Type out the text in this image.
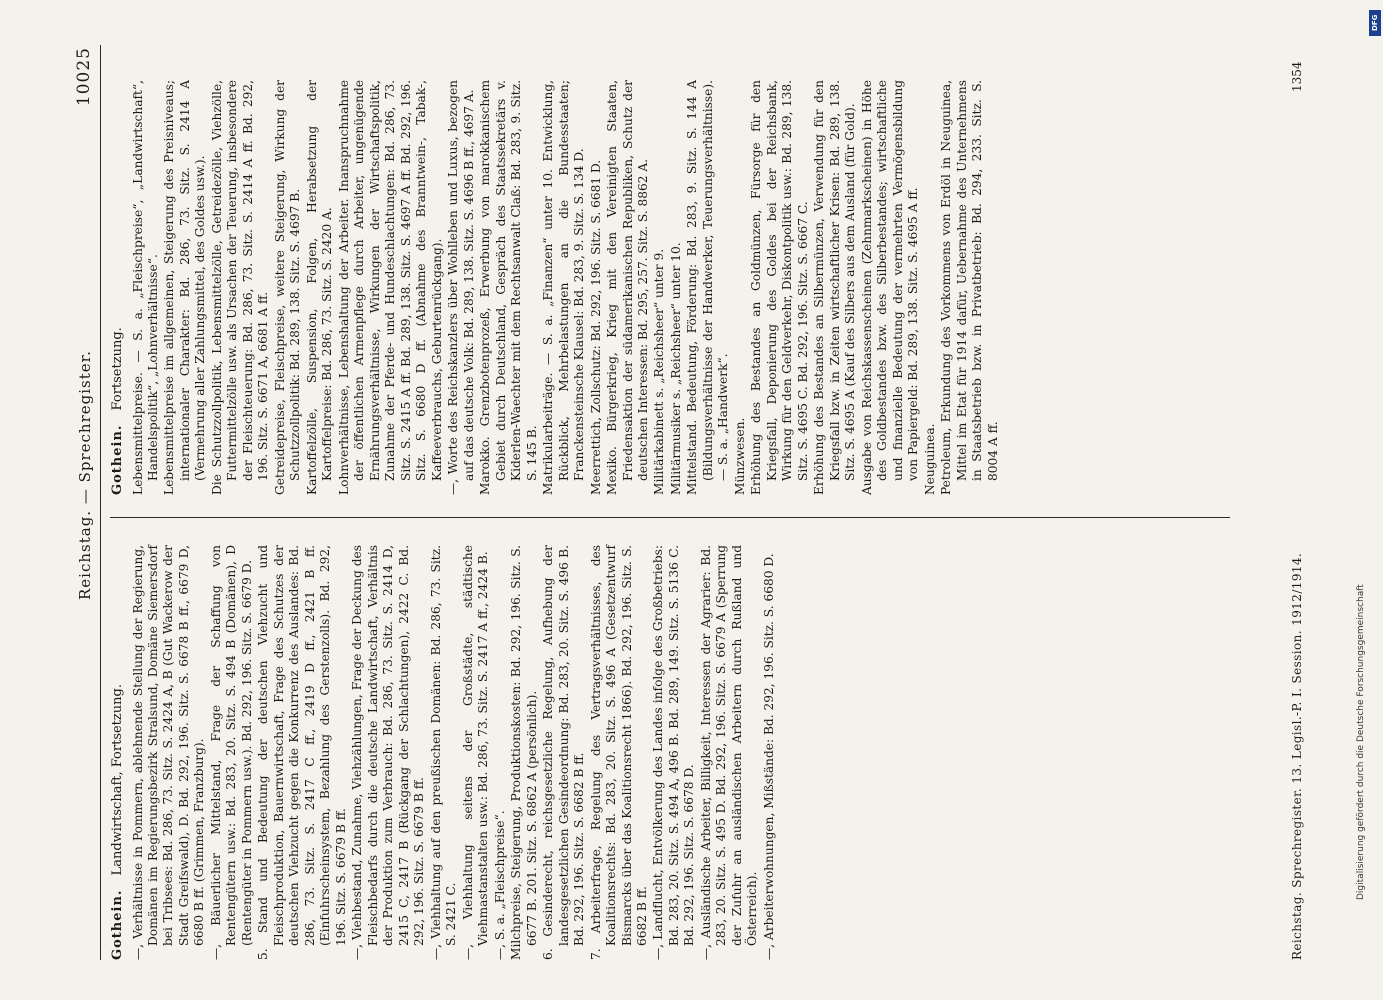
Reichstag. — Sprechregister.
10025
Gothein. Landwirtschaft, Fortsetzung. —, Verhältnisse in Pommern, ablehnende Stellung der Regierung, Domänen im Regierungsbezirk Stralsund, Domäne Siemersdorf bei Tribsees: Bd. 286, 73. Sitz. S. 2424 A, B (Gut Wackerow der Stadt Greifswald), D. Bd. 292, 196. Sitz. S. 6678 B ff., 6679 D, 6680 B ff. (Grimmen, Franzburg). —, Bäuerlicher Mittelstand, Frage der Schaffung von Rentengütern usw.: Bd. 283, 20. Sitz. S. 494 B (Domänen), D (Rentengüter in Pommern usw.). Bd. 292, 196. Sitz. S. 6679 D. 5. Stand und Bedeutung der deutschen Viehzucht und Fleischproduktion, Bauernwirtschaft, Frage des Schutzes der deutschen Viehzucht gegen die Konkurrenz des Auslandes: Bd. 286, 73. Sitz. S. 2417 C ff., 2419 D ff., 2421 B ff. (Einfuhrscheinsystem, Bezahlung des Gerstenzolls). Bd. 292, 196. Sitz. S. 6679 B ff. —, Viehbestand, Zunahme, Viehzählungen, Frage der Deckung des Fleischbedarfs durch die deutsche Landwirtschaft, Verhältnis der Produktion zum Verbrauch: Bd. 286, 73. Sitz. S. 2414 D, 2415 C, 2417 B (Rückgang der Schlachtungen), 2422 C. Bd. 292, 196. Sitz. S. 6679 B ff. —, Viehhaltung auf den preußischen Domänen: Bd. 286, 73. Sitz. S. 2421 C. —, Viehhaltung seitens der Großstädte, städtische Viehmastanstalten usw.: Bd. 286, 73. Sitz. S. 2417 A ff., 2424 B. —, S. a. „Fleischpreise“. Milchpreise, Steigerung, Produktionskosten: Bd. 292, 196. Sitz. S. 6677 B. 201. Sitz. S. 6862 A (persönlich). 6. Gesinderecht, reichsgesetzliche Regelung, Aufhebung der landesgesetzlichen Gesindeordnung: Bd. 283, 20. Sitz. S. 496 B. Bd. 292, 196. Sitz. S. 6682 B ff. 7. Arbeiterfrage, Regelung des Vertragsverhältnisses, des Koalitionsrechts: Bd. 283, 20. Sitz. S. 496 A (Gesetzentwurf Bismarcks über das Koalitionsrecht 1866). Bd. 292, 196. Sitz. S. 6682 B ff. —, Landflucht, Entvölkerung des Landes infolge des Großbetriebs: Bd. 283, 20. Sitz. S. 494 A, 496 B. Bd. 289, 149. Sitz. S. 5136 C. Bd. 292, 196. Sitz. S. 6678 D. —, Ausländische Arbeiter, Billigkeit, Interessen der Agrarier: Bd. 283, 20. Sitz. S. 495 D. Bd. 292, 196. Sitz. S. 6679 A (Sperrung der Zufuhr an ausländischen Arbeitern durch Rußland und Österreich). —, Arbeiterwohnungen, Mißstände: Bd. 292, 196. Sitz. S. 6680 D.
Gothein. Fortsetzung. Lebensmittelpreise. — S. a. „Fleischpreise“, „Landwirtschaft“, Handelspolitik“, „Lohnverhältnisse“. Lebensmittelpreise im allgemeinen, Steigerung des Preisniveaus; internationaler Charakter: Bd. 286, 73. Sitz. S. 2414 A (Vermehrung aller Zahlungsmittel, des Goldes usw.). Die Schutzzollpolitik, Lebensmittelzölle, Getreidezölle, Viehzölle, Futtermittelzölle usw. als Ursachen der Teuerung, insbesondere der Fleischteuerung: Bd. 286, 73. Sitz. S. 2414 A ff. Bd. 292, 196. Sitz. S. 6671 A, 6681 A ff. Getreidepreise, Fleischpreise, weitere Steigerung, Wirkung der Schutzzollpolitik: Bd. 289, 138. Sitz. S. 4697 B. Kartoffelzölle, Suspension, Folgen, Herabsetzung der Kartoffelpreise: Bd. 286, 73. Sitz. S. 2420 A. Lohnverhältnisse, Lebenshaltung der Arbeiter. Inanspruchnahme der öffentlichen Armenpflege durch Arbeiter, ungenügende Ernährungsverhältnisse, Wirkungen der Wirtschaftspolitik, Zunahme der Pferde- und Hundeschlachtungen: Bd. 286, 73. Sitz. S. 2415 A ff. Bd. 289, 138. Sitz. S. 4697 A ff. Bd. 292, 196. Sitz. S. 6680 D ff. (Abnahme des Branntwein-, Tabak-, Kaffeeverbrauchs, Geburtenrückgang). —, Worte des Reichskanzlers über Wohlleben und Luxus, bezogen auf das deutsche Volk: Bd. 289, 138. Sitz. S. 4696 B ff., 4697 A. Marokko. Grenzbotenprozeß, Erwerbung von marokkanischem Gebiet durch Deutschland, Gespräch des Staatssekretärs v. Kiderlen-Waechter mit dem Rechtsanwalt Claß: Bd. 283, 9. Sitz. S. 145 B. Matrikularbeiträge. — S. a. „Finanzen“ unter 10. Entwicklung, Rückblick, Mehrbelastungen an die Bundesstaaten; Franckensteinsche Klausel: Bd. 283, 9. Sitz. S. 134 D. Meerrettich, Zollschutz: Bd. 292, 196. Sitz. S. 6681 D. Mexiko. Bürgerkrieg, Krieg mit den Vereinigten Staaten, Friedensaktion der südamerikanischen Republiken, Schutz der deutschen Interessen: Bd. 295, 257. Sitz. S. 8862 A. Militärkabinett s. „Reichsheer“ unter 9. Militärmusiker s. „Reichsheer“ unter 10. Mittelstand. Bedeutung, Förderung: Bd. 283, 9. Sitz. S. 144 A (Bildungsverhältnisse der Handwerker, Teuerungsverhältnisse). — S. a. „Handwerk“. Münzwesen. Erhöhung des Bestandes an Goldmünzen, Fürsorge für den Kriegsfall, Deponierung des Goldes bei der Reichsbank, Wirkung für den Geldverkehr, Diskontpolitik usw.: Bd. 289, 138. Sitz. S. 4695 C. Bd. 292, 196. Sitz. S. 6667 C. Erhöhung des Bestandes an Silbermünzen, Verwendung für den Kriegsfall bzw. in Zeiten wirtschaftlicher Krisen: Bd. 289, 138. Sitz. S. 4695 A (Kauf des Silbers aus dem Ausland (für Gold). Ausgabe von Reichskassenscheinen (Zehnmarkscheinen) in Höhe des Goldbestandes bzw. des Silberbestandes; wirtschaftliche und finanzielle Bedeutung der vermehrten Vermögensbildung von Papiergeld: Bd. 289, 138. Sitz. S. 4695 A ff. Neuguinea. Petroleum, Erkundung des Vorkommens von Erdöl in Neuguinea, Mittel im Etat für 1914 dafür, Uebernahme des Unternehmens in Staatsbetrieb bzw. in Privatbetrieb: Bd. 294, 233. Sitz. S. 8004 A ff.
Reichstag. Sprechregister. 13. Legisl.-P. I. Session. 1912/1914.
1354
Digitalisierung gefördert durch die Deutsche Forschungsgemeinschaft
DFG
